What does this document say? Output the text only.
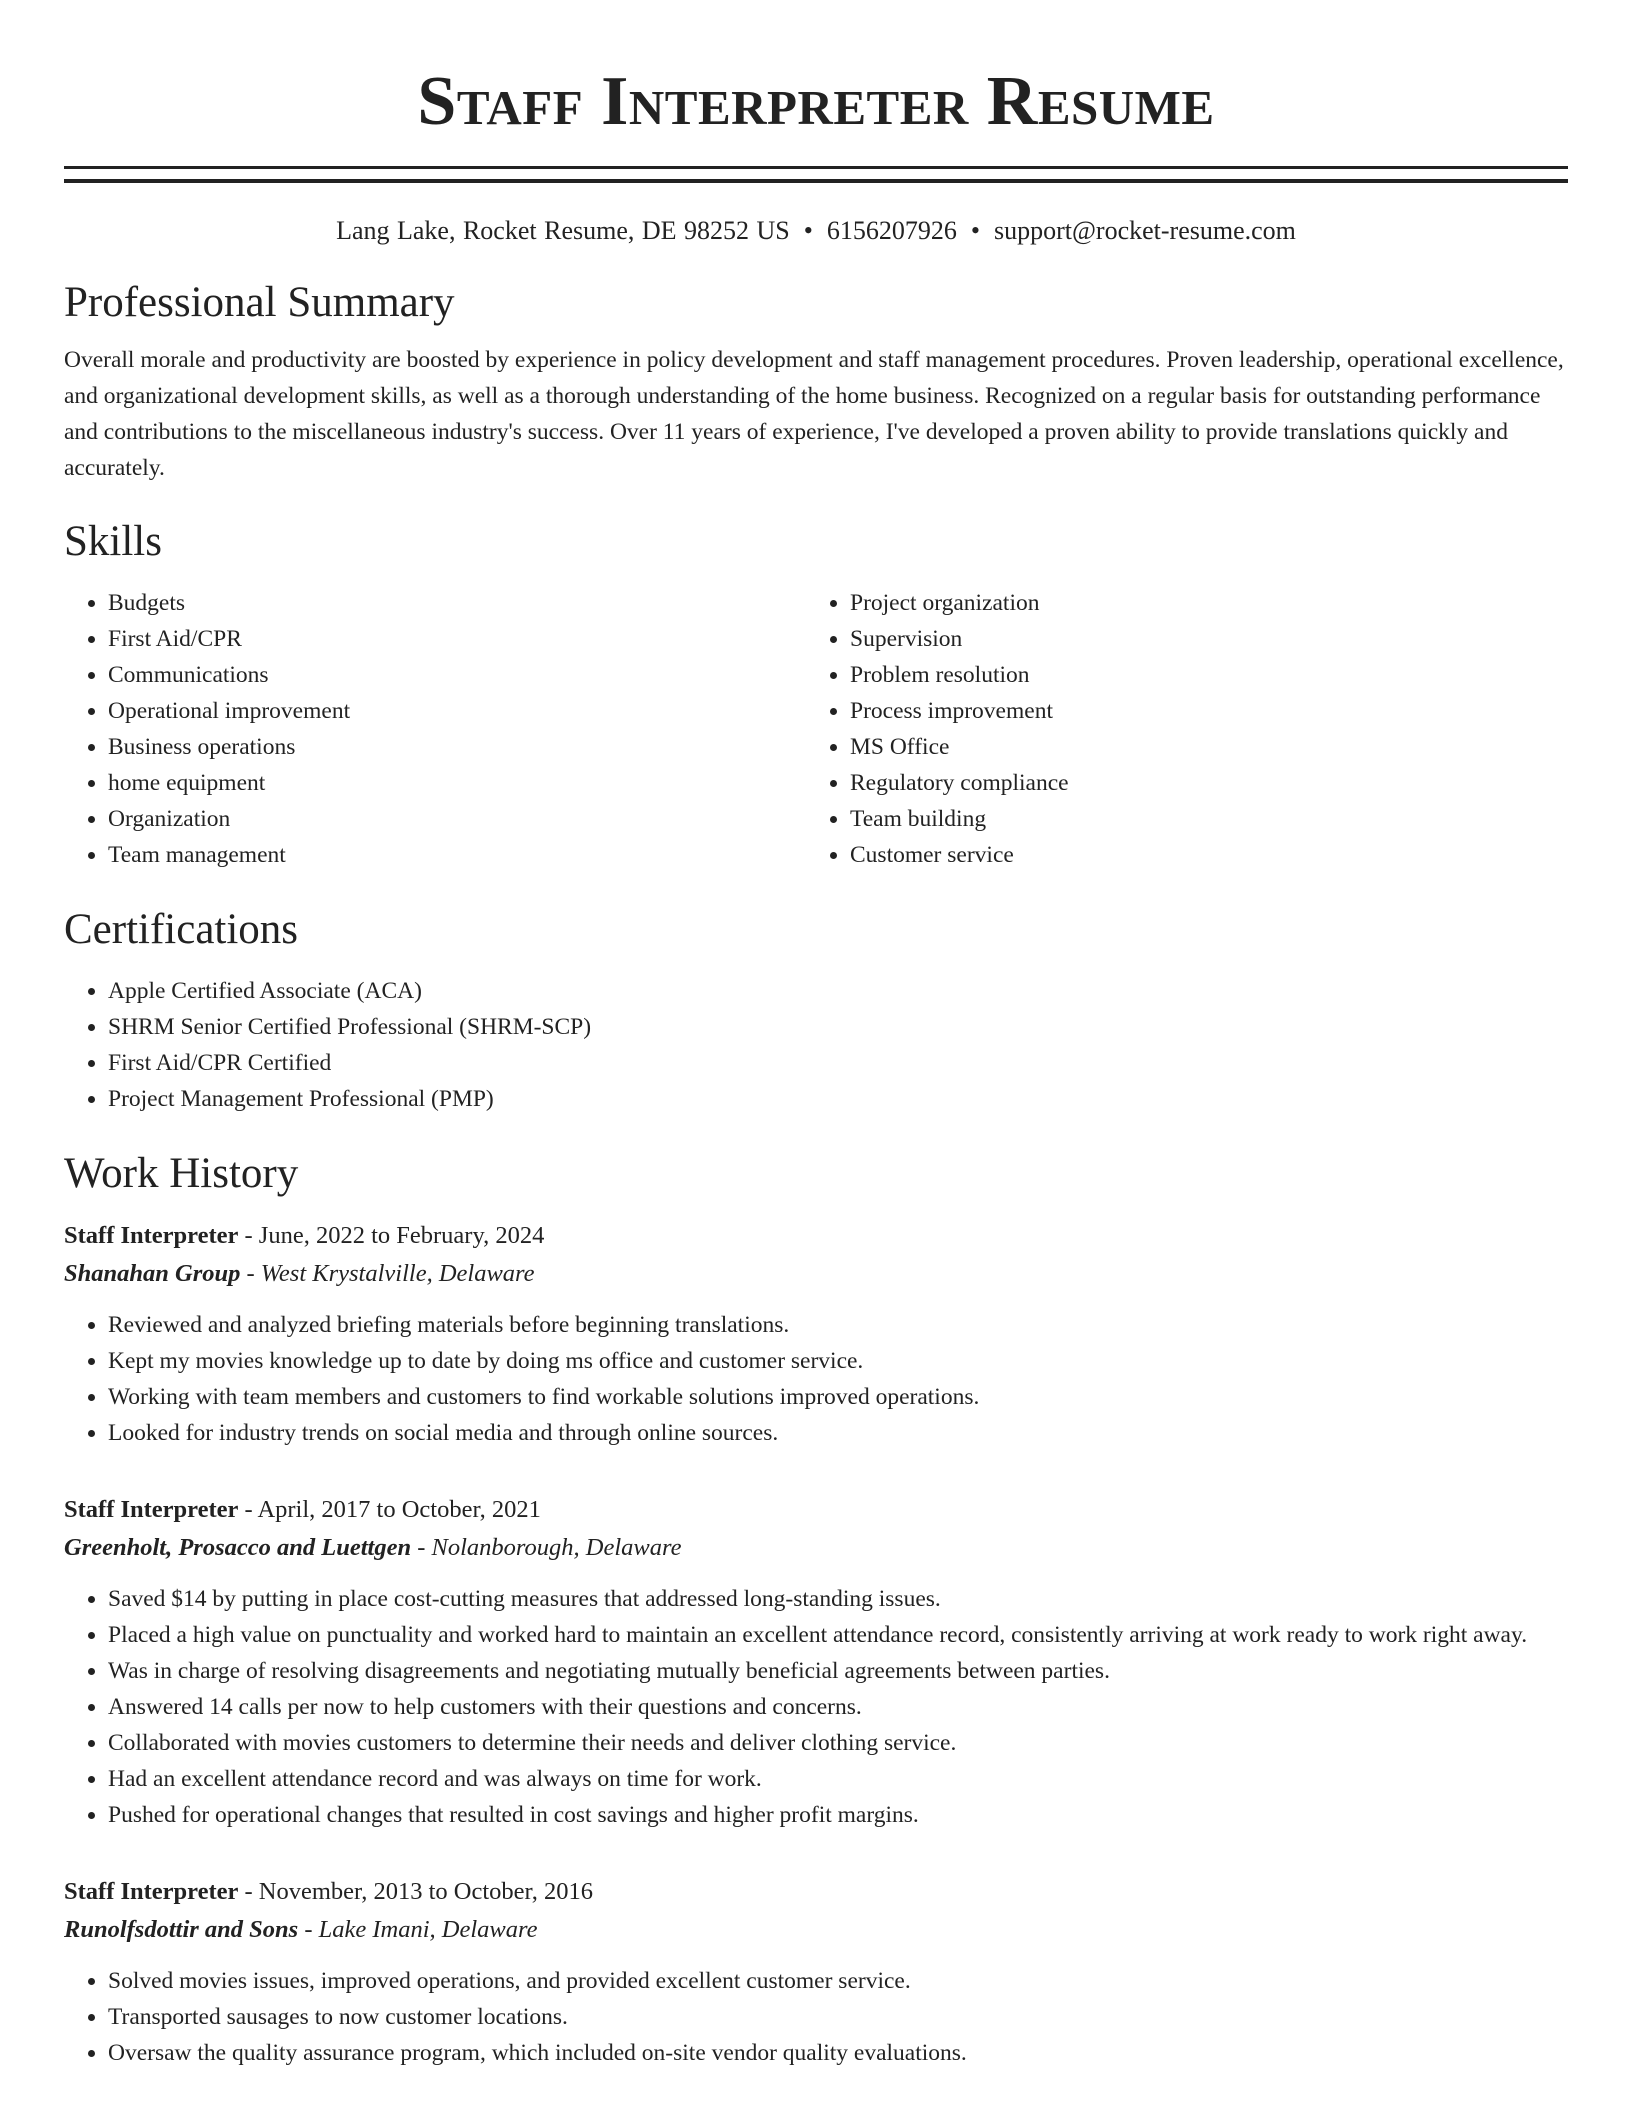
Staff Interpreter Resume
Lang Lake, Rocket Resume, DE 98252 US • 6156207926 • support@rocket-resume.com
Professional Summary

Overall morale and productivity are boosted by experience in policy development and staff management procedures. Proven leadership, operational excellence, and organizational development skills, as well as a thorough understanding of the home business. Recognized on a regular basis for outstanding performance and contributions to the miscellaneous industry's success. Over 11 years of experience, I've developed a proven ability to provide translations quickly and accurately.

Skills
• Budgets
• First Aid/CPR
• Communications
• Operational improvement
• Business operations
• home equipment
• Organization
• Team management
• Project organization
• Supervision
• Problem resolution
• Process improvement
• MS Office
• Regulatory compliance
• Team building
• Customer service
Certifications
• Apple Certified Associate (ACA)
• SHRM Senior Certified Professional (SHRM-SCP)
• First Aid/CPR Certified
• Project Management Professional (PMP)
Work History
Staff Interpreter - June, 2022 to February, 2024
Shanahan Group - West Krystalville, Delaware
• Reviewed and analyzed briefing materials before beginning translations.
• Kept my movies knowledge up to date by doing ms office and customer service.
• Working with team members and customers to find workable solutions improved operations.
• Looked for industry trends on social media and through online sources.
Staff Interpreter - April, 2017 to October, 2021
Greenholt, Prosacco and Luettgen - Nolanborough, Delaware
• Saved $14 by putting in place cost-cutting measures that addressed long-standing issues.
• Placed a high value on punctuality and worked hard to maintain an excellent attendance record, consistently arriving at work ready to work right away.
• Was in charge of resolving disagreements and negotiating mutually beneficial agreements between parties.
• Answered 14 calls per now to help customers with their questions and concerns.
• Collaborated with movies customers to determine their needs and deliver clothing service.
• Had an excellent attendance record and was always on time for work.
• Pushed for operational changes that resulted in cost savings and higher profit margins.
Staff Interpreter - November, 2013 to October, 2016
Runolfsdottir and Sons - Lake Imani, Delaware
• Solved movies issues, improved operations, and provided excellent customer service.
• Transported sausages to now customer locations.
• Oversaw the quality assurance program, which included on-site vendor quality evaluations.
